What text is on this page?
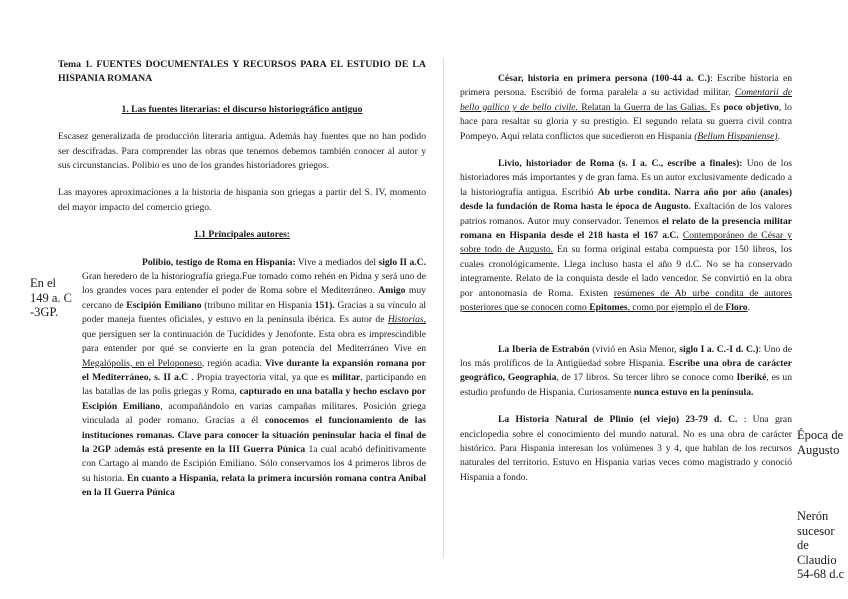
Tema 1. FUENTES DOCUMENTALES Y RECURSOS PARA EL ESTUDIO DE LA HISPANIA ROMANA

1. Las fuentes literarias: el discurso historiográfico antiguo

Escasez generalizada de producción literaria antigua. Además hay fuentes que no han podido ser descifradas. Para comprender las obras que tenemos debemos también conocer al autor y sus circunstancias. Polibio es uno de los grandes historiadores griegos.

Las mayores aproximaciones a la historia de hispania son griegas a partir del S. IV, momento del mayor impacto del comercio griego.

1.1 Principales autores:

Polibio, testigo de Roma en Hispania: Vive a mediados del siglo II a.C. Gran heredero de la historiografía griega.Fue tomado como rehén en Pidna y será uno de los grandes voces para entender el poder de Roma sobre el Mediterráneo. Amigo muy cercano de Escipión Emiliano (tribuno militar en Hispania 151). Gracias a su vínculo al poder maneja fuentes oficiales, y estuvo en la península ibérica. Es autor de Historias, que persiguen ser la continuación de Tucídides y Jenofonte. Esta obra es imprescindible para entender por qué se convierte en la gran potencia del Mediterráneo Vive en Megalópolis, en el Peloponeso, región acadia. Vive durante la expansión romana por el Mediterráneo, s. II a.C . Propia trayectoria vital, ya que es militar, participando en las batallas de las polis griegas y Roma, capturado en una batalla y hecho esclavo por Escipión Emiliano, acompañándolo en varias campañas militares. Posición griega vinculada al poder romano. Gracias a él conocemos el funcionamiento de las instituciones romanas. Clave para conocer la situación peninsular hacia el final de la 2GP además está presente en la III Guerra Púnica 1a cual acabó definitivamente con Cartago al mando de Escipión Emiliano. Sólo conservamos los 4 primeros libros de su historia. En cuanto a Hispania, relata la primera incursión romana contra Aníbal en la II Guerra Púnica

César, historia en primera persona (100-44 a. C.): Escribe historia en primera persona. Escribió de forma paralela a su actividad militar. Comentarii de bello gallico y de bello civile. Relatan la Guerra de las Galias. Es poco objetivo, lo hace para resaltar su gloria y su prestigio. El segundo relata su guerra civil contra Pompeyo. Aquí relata conflictos que sucedieron en Hispania (Bellum Hispaniense).

Livio, historiador de Roma (s. I a. C., escribe a finales): Uno de los historiadores más importantes y de gran fama. Es un autor exclusivamente dedicado a la historiografía antigua. Escribió Ab urbe condita. Narra año por año (anales) desde la fundación de Roma hasta le época de Augusto. Exaltación de los valores patrios romanos. Autor muy conservador. Tenemos el relato de la presencia militar romana en Hispania desde el 218 hasta el 167 a.C. Contemporáneo de César y sobre todo de Augusto. En su forma original estaba compuesta por 150 libros, los cuales cronológicamente. Llega incluso hasta el año 9 d.C. No se ha conservado íntegramente. Relato de la conquista desde el lado vencedor. Se convirtió en la obra por antonomasia de Roma. Existen resúmenes de Ab urbe condita de autores posteriores que se conocen como Epitomes, como por ejemplo el de Floro.

La Iberia de Estrabón (vivió en Asia Menor, siglo I a. C.-I d. C.): Uno de los más prolíficos de la Antigüedad sobre Hispania. Escribe una obra de carácter geográfico, Geographia, de 17 libros. Su tercer libro se conoce como Iberiké, es un estudio profundo de Hispania. Curiosamente nunca estuvo en la península.

La Historia Natural de Plinio (el viejo) 23-79 d. C. : Una gran enciclopedia sobre el conocimiento del mundo natural. No es una obra de carácter histórico. Para Hispania interesan los volúmenes 3 y 4, que hablan de los recursos naturales del territorio. Estuvo en Hispania varias veces como magistrado y conoció Hispania a fondo.

En el 149 a. C -3GP.
Época de Augusto
Nerón sucesor de Claudio 54-68 d.c
